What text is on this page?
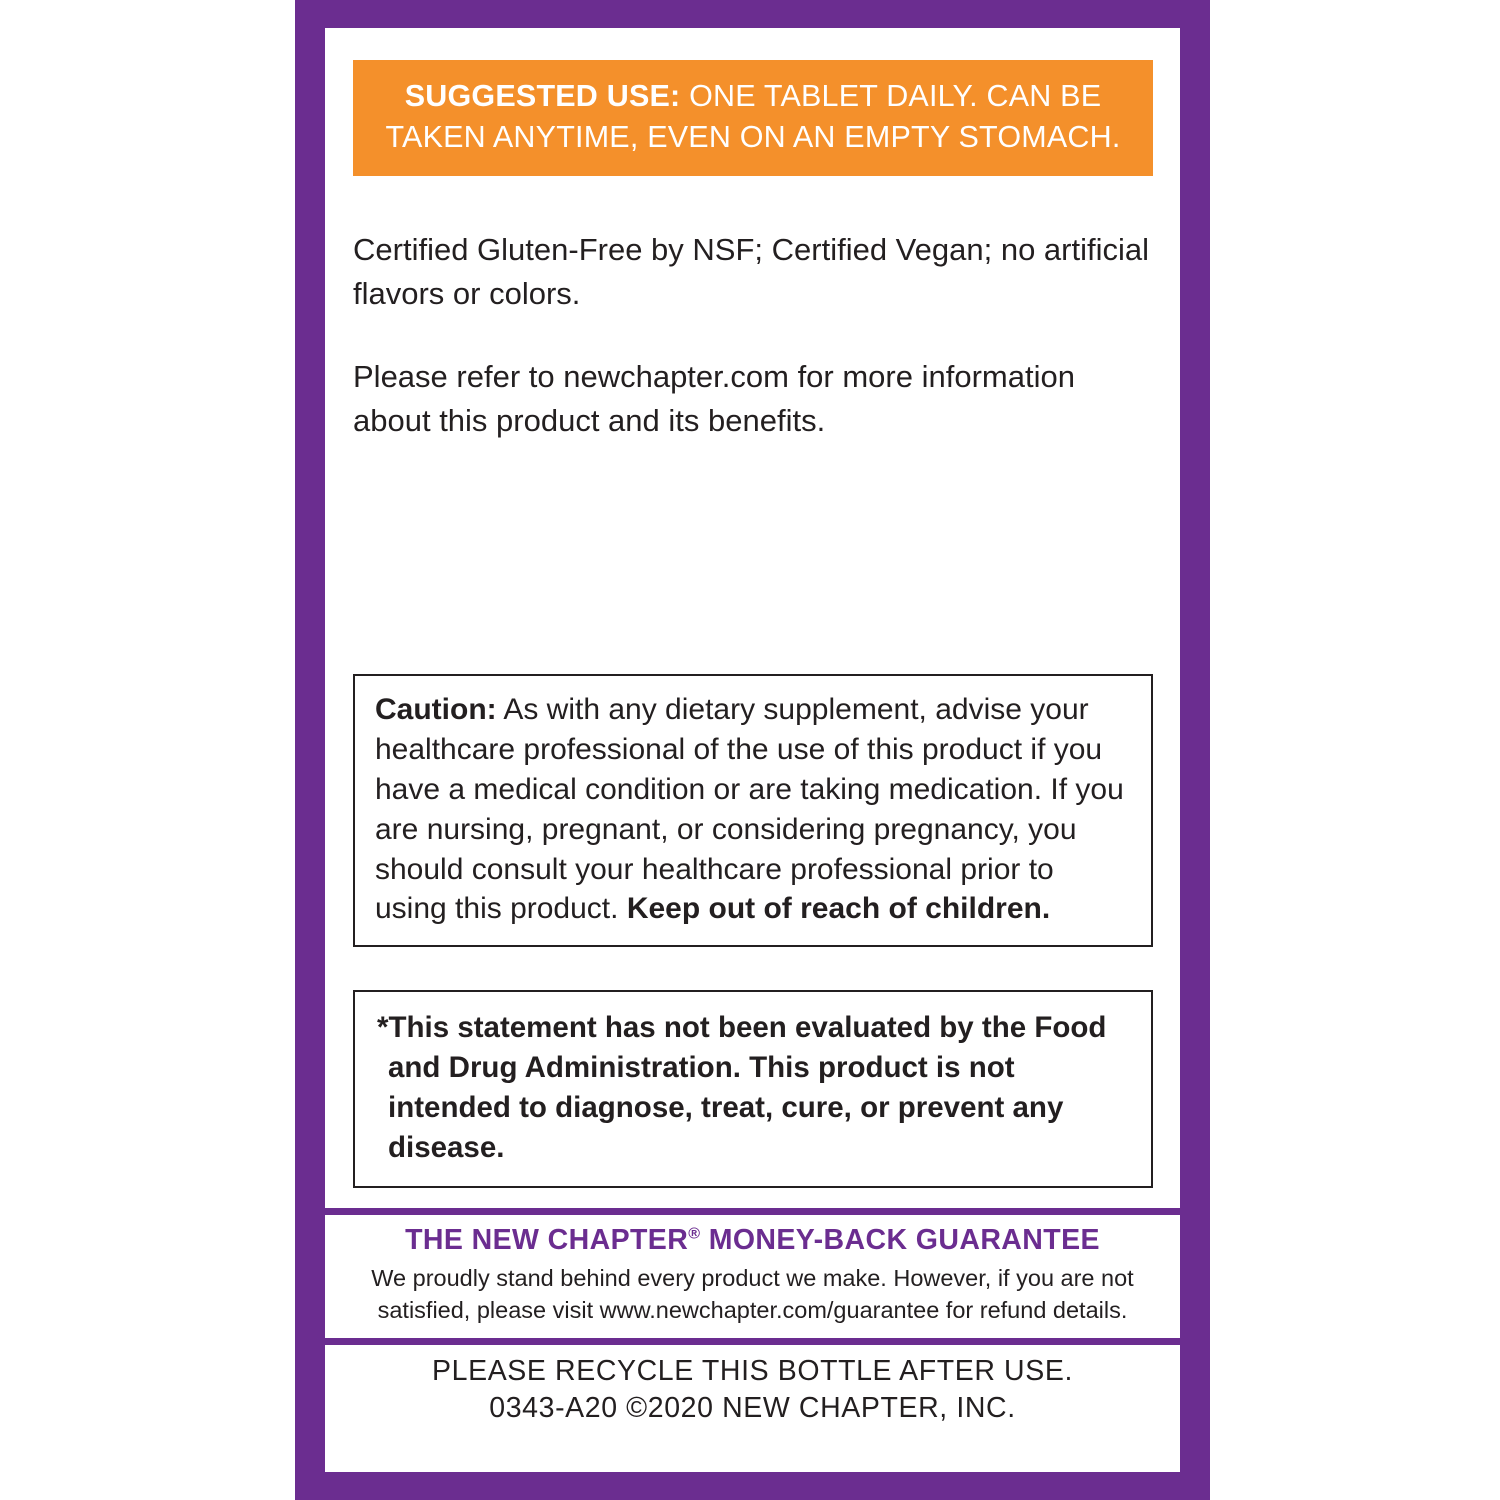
SUGGESTED USE: ONE TABLET DAILY. CAN BE TAKEN ANYTIME, EVEN ON AN EMPTY STOMACH.
Certified Gluten-Free by NSF; Certified Vegan; no artificial flavors or colors.
Please refer to newchapter.com for more information about this product and its benefits.
Caution: As with any dietary supplement, advise your healthcare professional of the use of this product if you have a medical condition or are taking medication. If you are nursing, pregnant, or considering pregnancy, you should consult your healthcare professional prior to using this product. Keep out of reach of children.
*This statement has not been evaluated by the Food and Drug Administration. This product is not intended to diagnose, treat, cure, or prevent any disease.
THE NEW CHAPTER® MONEY-BACK GUARANTEE
We proudly stand behind every product we make. However, if you are not satisfied, please visit www.newchapter.com/guarantee for refund details.
PLEASE RECYCLE THIS BOTTLE AFTER USE.
0343-A20 ©2020 NEW CHAPTER, INC.
